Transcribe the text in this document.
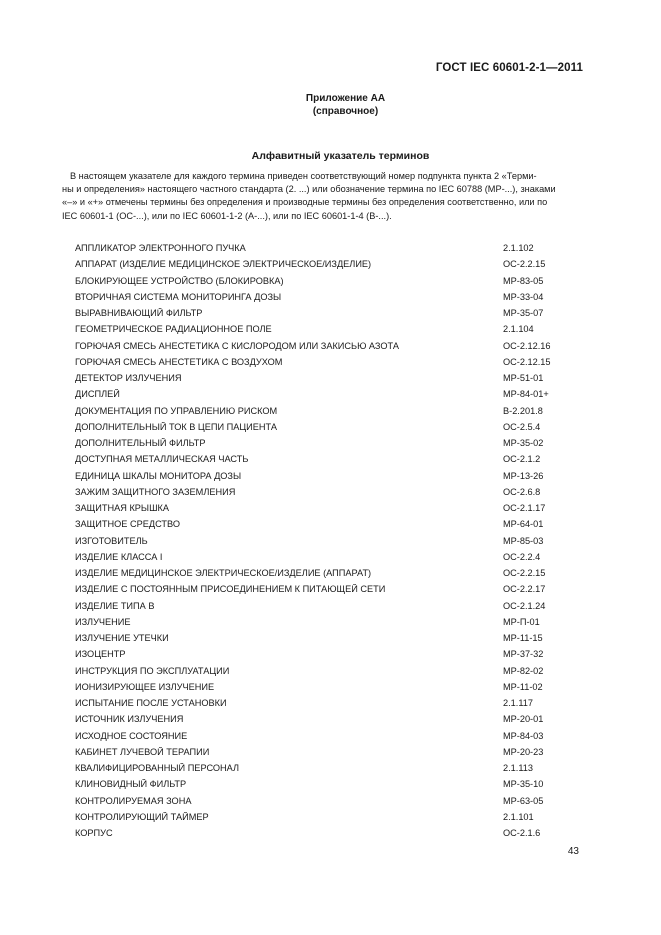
ГОСТ IEC 60601-2-1—2011
Приложение АА
(справочное)
Алфавитный указатель терминов
В настоящем указателе для каждого термина приведен соответствующий номер подпункта пункта 2 «Терми-
ны и определения» настоящего частного стандарта (2. ...) или обозначение термина по IEC 60788 (MP-...), знаками
«–» и «+» отмечены термины без определения и производные термины без определения соответственно, или по
IEC 60601-1 (OC-...), или по IEC 60601-1-2 (A-...), или по IEC 60601-1-4 (B-...).
АППЛИКАТОР ЭЛЕКТРОННОГО ПУЧКА	2.1.102
АППАРАТ (ИЗДЕЛИЕ МЕДИЦИНСКОЕ ЭЛЕКТРИЧЕСКОЕ/ИЗДЕЛИЕ)	ОС-2.2.15
БЛОКИРУЮЩЕЕ УСТРОЙСТВО (БЛОКИРОВКА)	МР-83-05
ВТОРИЧНАЯ СИСТЕМА МОНИТОРИНГА ДОЗЫ	МР-33-04
ВЫРАВНИВАЮЩИЙ ФИЛЬТР	МР-35-07
ГЕОМЕТРИЧЕСКОЕ РАДИАЦИОННОЕ ПОЛЕ	2.1.104
ГОРЮЧАЯ СМЕСЬ АНЕСТЕТИКА С КИСЛОРОДОМ ИЛИ ЗАКИСЬЮ АЗОТА	ОС-2.12.16
ГОРЮЧАЯ СМЕСЬ АНЕСТЕТИКА С ВОЗДУХОМ	ОС-2.12.15
ДЕТЕКТОР ИЗЛУЧЕНИЯ	МР-51-01
ДИСПЛЕЙ	МР-84-01+
ДОКУМЕНТАЦИЯ ПО УПРАВЛЕНИЮ РИСКОМ	В-2.201.8
ДОПОЛНИТЕЛЬНЫЙ ТОК В ЦЕПИ ПАЦИЕНТА	ОС-2.5.4
ДОПОЛНИТЕЛЬНЫЙ ФИЛЬТР	МР-35-02
ДОСТУПНАЯ МЕТАЛЛИЧЕСКАЯ ЧАСТЬ	ОС-2.1.2
ЕДИНИЦА ШКАЛЫ МОНИТОРА ДОЗЫ	МР-13-26
ЗАЖИМ ЗАЩИТНОГО ЗАЗЕМЛЕНИЯ	ОС-2.6.8
ЗАЩИТНАЯ КРЫШКА	ОС-2.1.17
ЗАЩИТНОЕ СРЕДСТВО	МР-64-01
ИЗГОТОВИТЕЛЬ	МР-85-03
ИЗДЕЛИЕ КЛАССА I	ОС-2.2.4
ИЗДЕЛИЕ МЕДИЦИНСКОЕ ЭЛЕКТРИЧЕСКОЕ/ИЗДЕЛИЕ (АППАРАТ)	ОС-2.2.15
ИЗДЕЛИЕ С ПОСТОЯННЫМ ПРИСОЕДИНЕНИЕМ К ПИТАЮЩЕЙ СЕТИ	ОС-2.2.17
ИЗДЕЛИЕ ТИПА В	ОС-2.1.24
ИЗЛУЧЕНИЕ	МР-П-01
ИЗЛУЧЕНИЕ УТЕЧКИ	МР-11-15
ИЗОЦЕНТР	МР-37-32
ИНСТРУКЦИЯ ПО ЭКСПЛУАТАЦИИ	МР-82-02
ИОНИЗИРУЮЩЕЕ ИЗЛУЧЕНИЕ	МР-11-02
ИСПЫТАНИЕ ПОСЛЕ УСТАНОВКИ	2.1.117
ИСТОЧНИК ИЗЛУЧЕНИЯ	МР-20-01
ИСХОДНОЕ СОСТОЯНИЕ	МР-84-03
КАБИНЕТ ЛУЧЕВОЙ ТЕРАПИИ	МР-20-23
КВАЛИФИЦИРОВАННЫЙ ПЕРСОНАЛ	2.1.113
КЛИНОВИДНЫЙ ФИЛЬТР	МР-35-10
КОНТРОЛИРУЕМАЯ ЗОНА	МР-63-05
КОНТРОЛИРУЮЩИЙ ТАЙМЕР	2.1.101
КОРПУС	ОС-2.1.6
43
